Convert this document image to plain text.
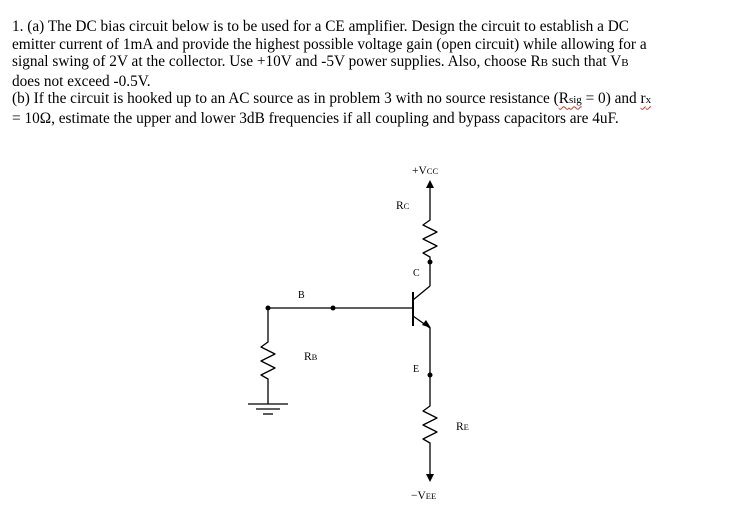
1. (a) The DC bias circuit below is to be used for a CE amplifier. Design the circuit to establish a DC

emitter current of 1mA and provide the highest possible voltage gain (open circuit) while allowing for a

signal swing of 2V at the collector. Use +10V and -5V power supplies. Also, choose RB such that VB

does not exceed -0.5V.

(b) If the circuit is hooked up to an AC source as in problem 3 with no source resistance (Rsig = 0) and rx

= 10Ω, estimate the upper and lower 3dB frequencies if all coupling and bypass capacitors are 4uF.

+VCC
RC
C
B
RB
E
RE
−VEE
